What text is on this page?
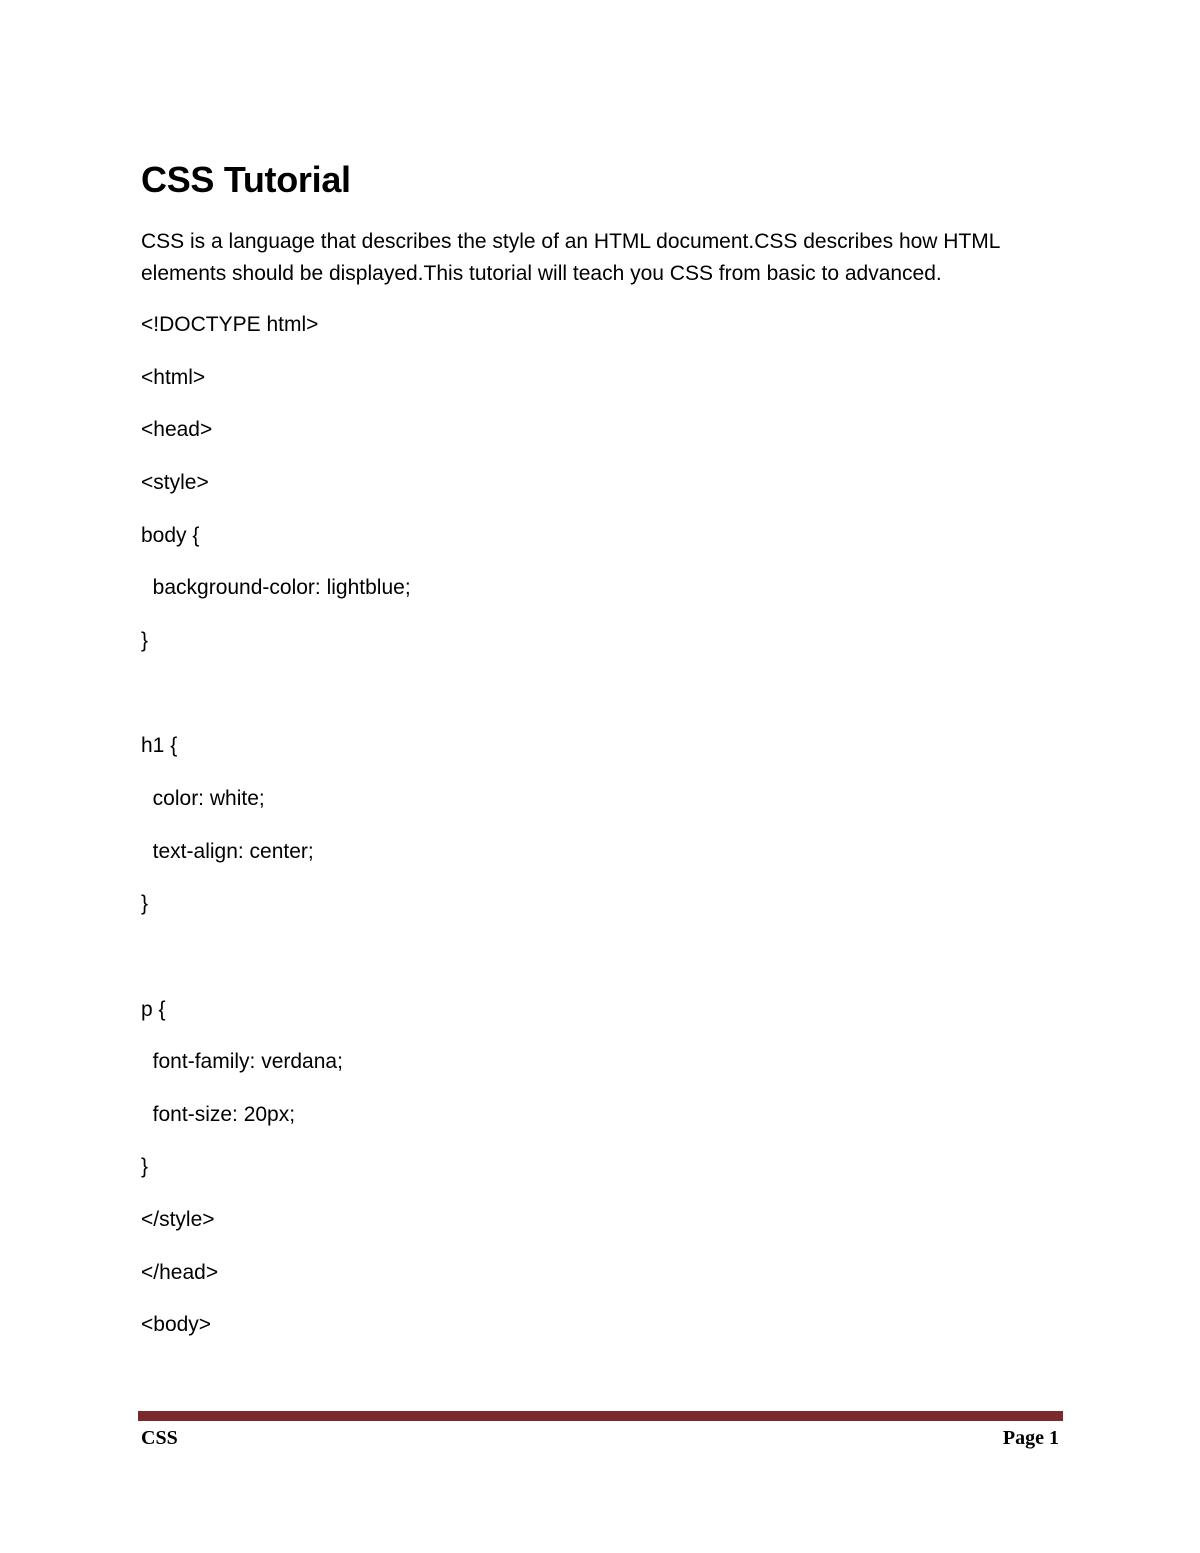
CSS Tutorial

CSS is a language that describes the style of an HTML document.CSS describes how HTML
elements should be displayed.This tutorial will teach you CSS from basic to advanced.

<!DOCTYPE html>

<html>

<head>

<style>

body {

background-color: lightblue;

}

h1 {

color: white;

text-align: center;

}

p {

font-family: verdana;

font-size: 20px;

}

</style>

</head>

<body>

CSS	Page 1
